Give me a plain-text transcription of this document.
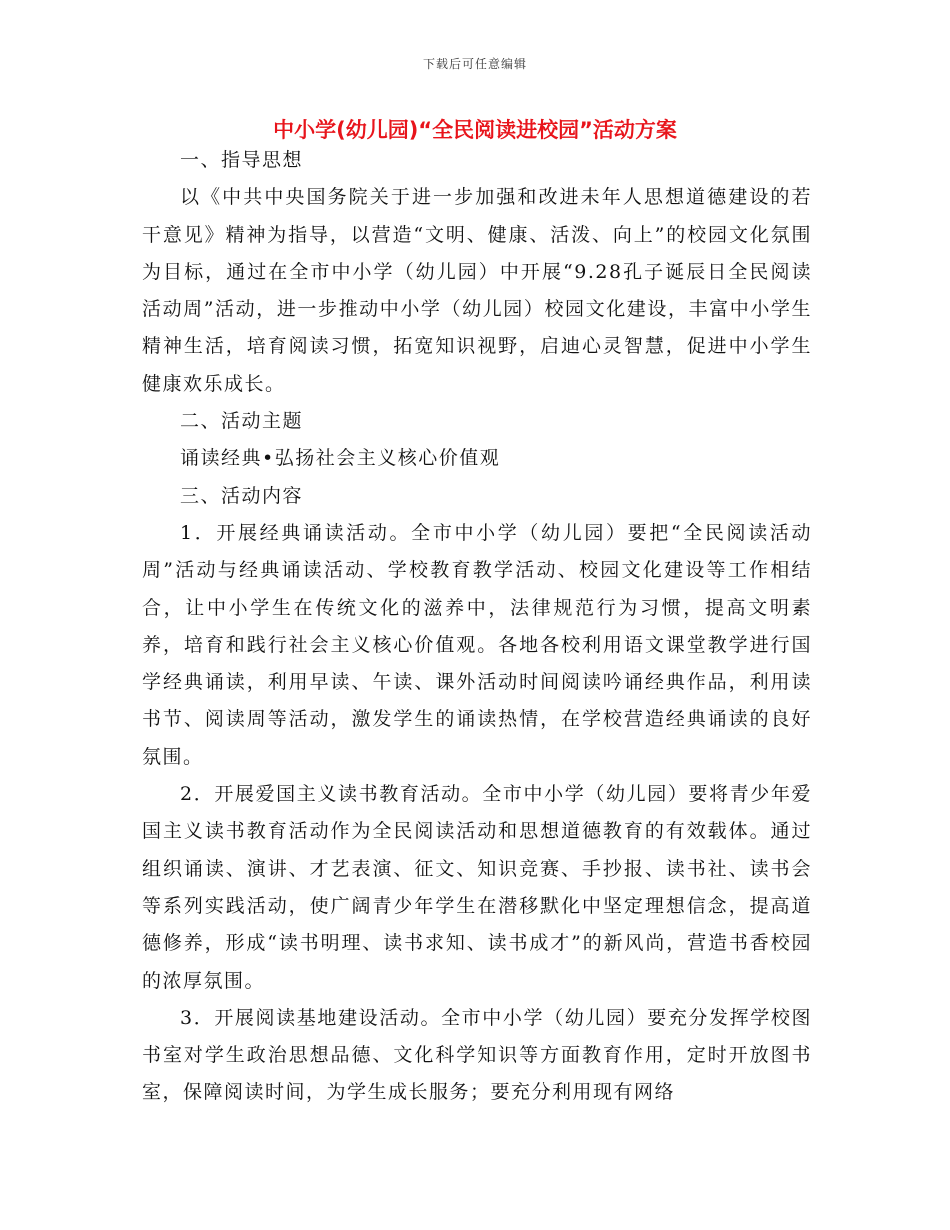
下载后可任意编辑
中小学(幼儿园)“全民阅读进校园”活动方案

一、指导思想

以《中共中央国务院关于进一步加强和改进未年人思想道德建设的若干意见》精神为指导，以营造“文明、健康、活泼、向上”的校园文化氛围为目标，通过在全市中小学（幼儿园）中开展“9.28孔子诞辰日全民阅读活动周”活动，进一步推动中小学（幼儿园）校园文化建设，丰富中小学生精神生活，培育阅读习惯，拓宽知识视野，启迪心灵智慧，促进中小学生健康欢乐成长。

二、活动主题

诵读经典•弘扬社会主义核心价值观

三、活动内容

1．开展经典诵读活动。全市中小学（幼儿园）要把“全民阅读活动周”活动与经典诵读活动、学校教育教学活动、校园文化建设等工作相结合，让中小学生在传统文化的滋养中，法律规范行为习惯，提高文明素养，培育和践行社会主义核心价值观。各地各校利用语文课堂教学进行国学经典诵读，利用早读、午读、课外活动时间阅读吟诵经典作品，利用读书节、阅读周等活动，激发学生的诵读热情，在学校营造经典诵读的良好氛围。

2．开展爱国主义读书教育活动。全市中小学（幼儿园）要将青少年爱国主义读书教育活动作为全民阅读活动和思想道德教育的有效载体。通过组织诵读、演讲、才艺表演、征文、知识竞赛、手抄报、读书社、读书会等系列实践活动，使广阔青少年学生在潜移默化中坚定理想信念，提高道德修养，形成“读书明理、读书求知、读书成才”的新风尚，营造书香校园的浓厚氛围。

3．开展阅读基地建设活动。全市中小学（幼儿园）要充分发挥学校图书室对学生政治思想品德、文化科学知识等方面教育作用，定时开放图书室，保障阅读时间，为学生成长服务；要充分利用现有网络
